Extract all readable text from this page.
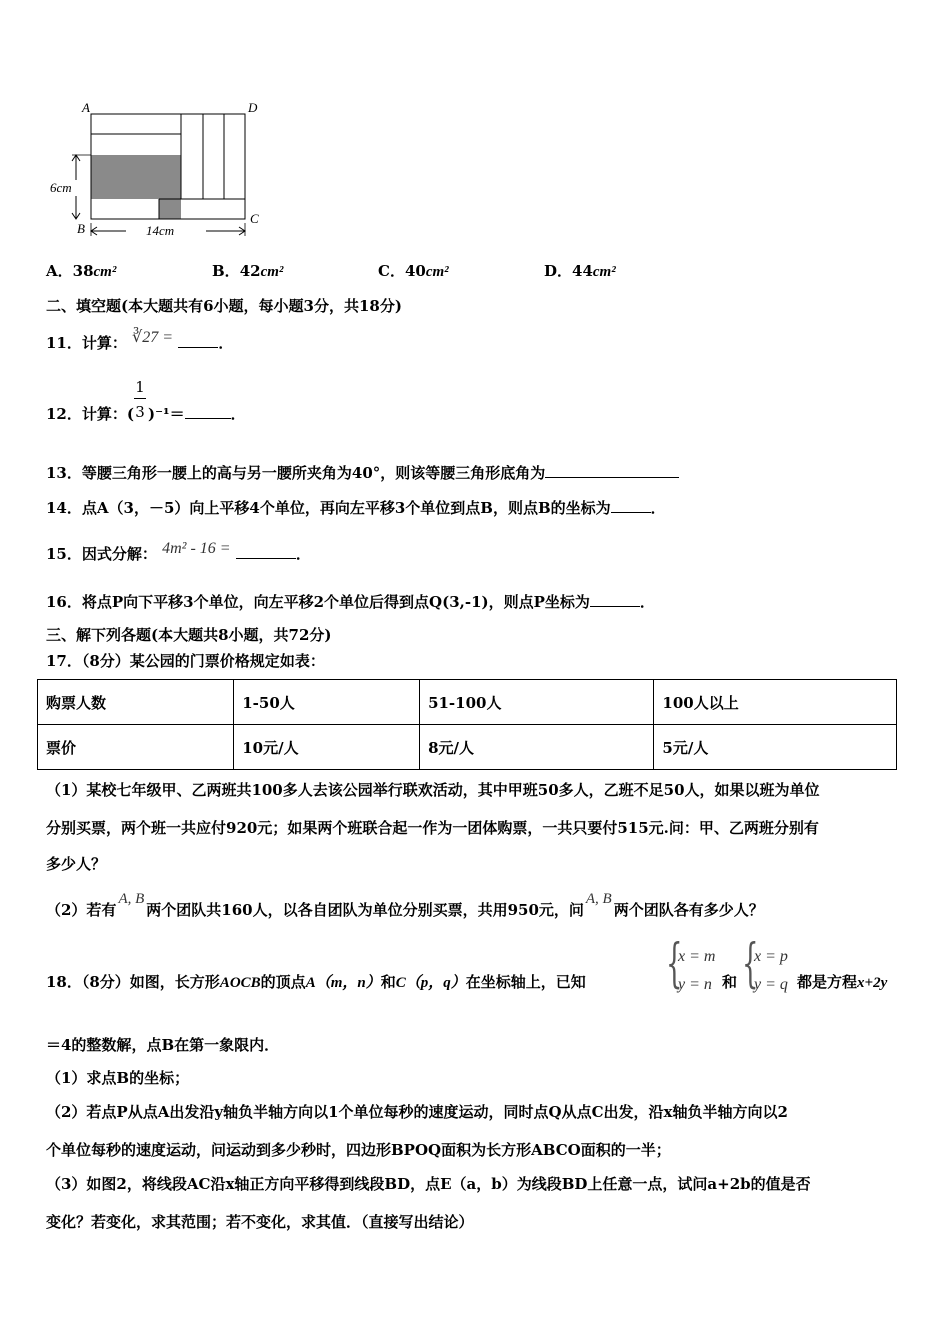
A	D
B
C
6cm
14cm
A．38cm²	B．42cm²	C．40cm²	D．44cm²
二、填空题(本大题共有6小题，每小题3分，共18分)
11．计算： ∛27 =	．
12．计算：(
1
3 )⁻¹＝	．
13．等腰三角形一腰上的高与另一腰所夹角为40°，则该等腰三角形底角为
14．点A（3，－5）向上平移4个单位，再向左平移3个单位到点B，则点B的坐标为	．
15．因式分解： 4m² - 16 =	．
16．将点P向下平移3个单位，向左平移2个单位后得到点Q(3,-1)，则点P坐标为	．
三、解下列各题(本大题共8小题，共72分)
17．（8分）某公园的门票价格规定如表：
购票人数	1-50人	51-100人	100人以上
票价	10元/人	8元/人	5元/人
（1）某校七年级甲、乙两班共100多人去该公园举行联欢活动，其中甲班50多人，乙班不足50人，如果以班为单位
分别买票，两个班一共应付920元；如果两个班联合起一作为一团体购票，一共只要付515元.问：甲、乙两班分别有
多少人？
（2）若有A, B两个团队共160人，以各自团队为单位分别买票，共用950元，问A, B两个团队各有多少人？
18．（8分）如图，长方形AOCB的顶点A（m，n）和C（p，q）在坐标轴上，已知 {
x = m
y = n 和 {
x = p
y = q 都是方程x+2y
＝4的整数解，点B在第一象限内．
（1）求点B的坐标；
（2）若点P从点A出发沿y轴负半轴方向以1个单位每秒的速度运动，同时点Q从点C出发，沿x轴负半轴方向以2
个单位每秒的速度运动，问运动到多少秒时，四边形BPOQ面积为长方形ABCO面积的一半；
（3）如图2，将线段AC沿x轴正方向平移得到线段BD，点E（a，b）为线段BD上任意一点，试问a+2b的值是否
变化？若变化，求其范围；若不变化，求其值．（直接写出结论）
